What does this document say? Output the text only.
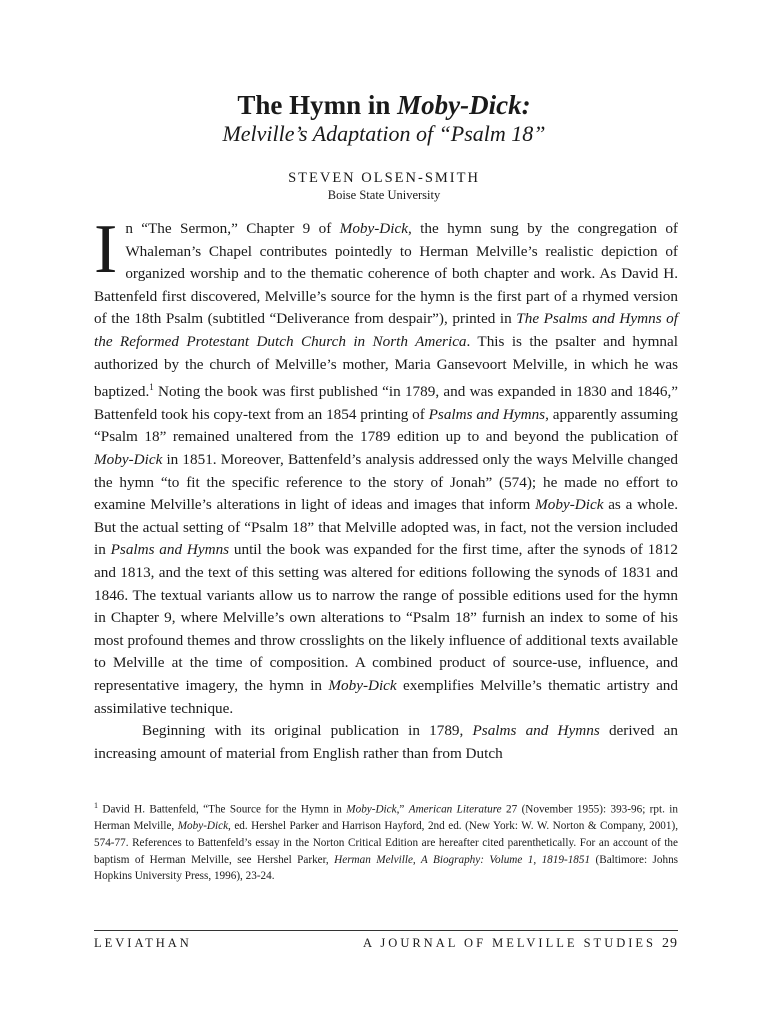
The Hymn in Moby-Dick:
Melville’s Adaptation of “Psalm 18”
STEVEN OLSEN-SMITH
Boise State University

In “The Sermon,” Chapter 9 of Moby-Dick, the hymn sung by the congregation of Whaleman’s Chapel contributes pointedly to Herman Melville’s realistic depiction of organized worship and to the thematic coherence of both chapter and work. As David H. Battenfeld first discovered, Melville’s source for the hymn is the first part of a rhymed version of the 18th Psalm (subtitled “Deliverance from despair”), printed in The Psalms and Hymns of the Reformed Protestant Dutch Church in North America. This is the psalter and hymnal authorized by the church of Melville’s mother, Maria Gansevoort Melville, in which he was baptized.$^1$ Noting the book was first published “in 1789, and was expanded in 1830 and 1846,” Battenfeld took his copy-text from an 1854 printing of Psalms and Hymns, apparently assuming “Psalm 18” remained unaltered from the 1789 edition up to and beyond the publication of Moby-Dick in 1851. Moreover, Battenfeld’s analysis addressed only the ways Melville changed the hymn “to fit the specific reference to the story of Jonah” (574); he made no effort to examine Melville’s alterations in light of ideas and images that inform Moby-Dick as a whole. But the actual setting of “Psalm 18” that Melville adopted was, in fact, not the version included in Psalms and Hymns until the book was expanded for the first time, after the synods of 1812 and 1813, and the text of this setting was altered for editions following the synods of 1831 and 1846. The textual variants allow us to narrow the range of possible editions used for the hymn in Chapter 9, where Melville’s own alterations to “Psalm 18” furnish an index to some of his most profound themes and throw crosslights on the likely influence of additional texts available to Melville at the time of composition. A combined product of source-use, influence, and representative imagery, the hymn in Moby-Dick exemplifies Melville’s thematic artistry and assimilative technique.

Beginning with its original publication in 1789, Psalms and Hymns derived an increasing amount of material from English rather than from Dutch

$^1$ David H. Battenfeld, “The Source for the Hymn in Moby-Dick,” American Literature 27 (November 1955): 393-96; rpt. in Herman Melville, Moby-Dick, ed. Hershel Parker and Harrison Hayford, 2nd ed. (New York: W. W. Norton & Company, 2001), 574-77. References to Battenfeld’s essay in the Norton Critical Edition are hereafter cited parenthetically. For an account of the baptism of Herman Melville, see Hershel Parker, Herman Melville, A Biography: Volume 1, 1819-1851 (Baltimore: Johns Hopkins University Press, 1996), 23-24.

LEVIATHAN	A JOURNAL OF MELVILLE STUDIES 29
